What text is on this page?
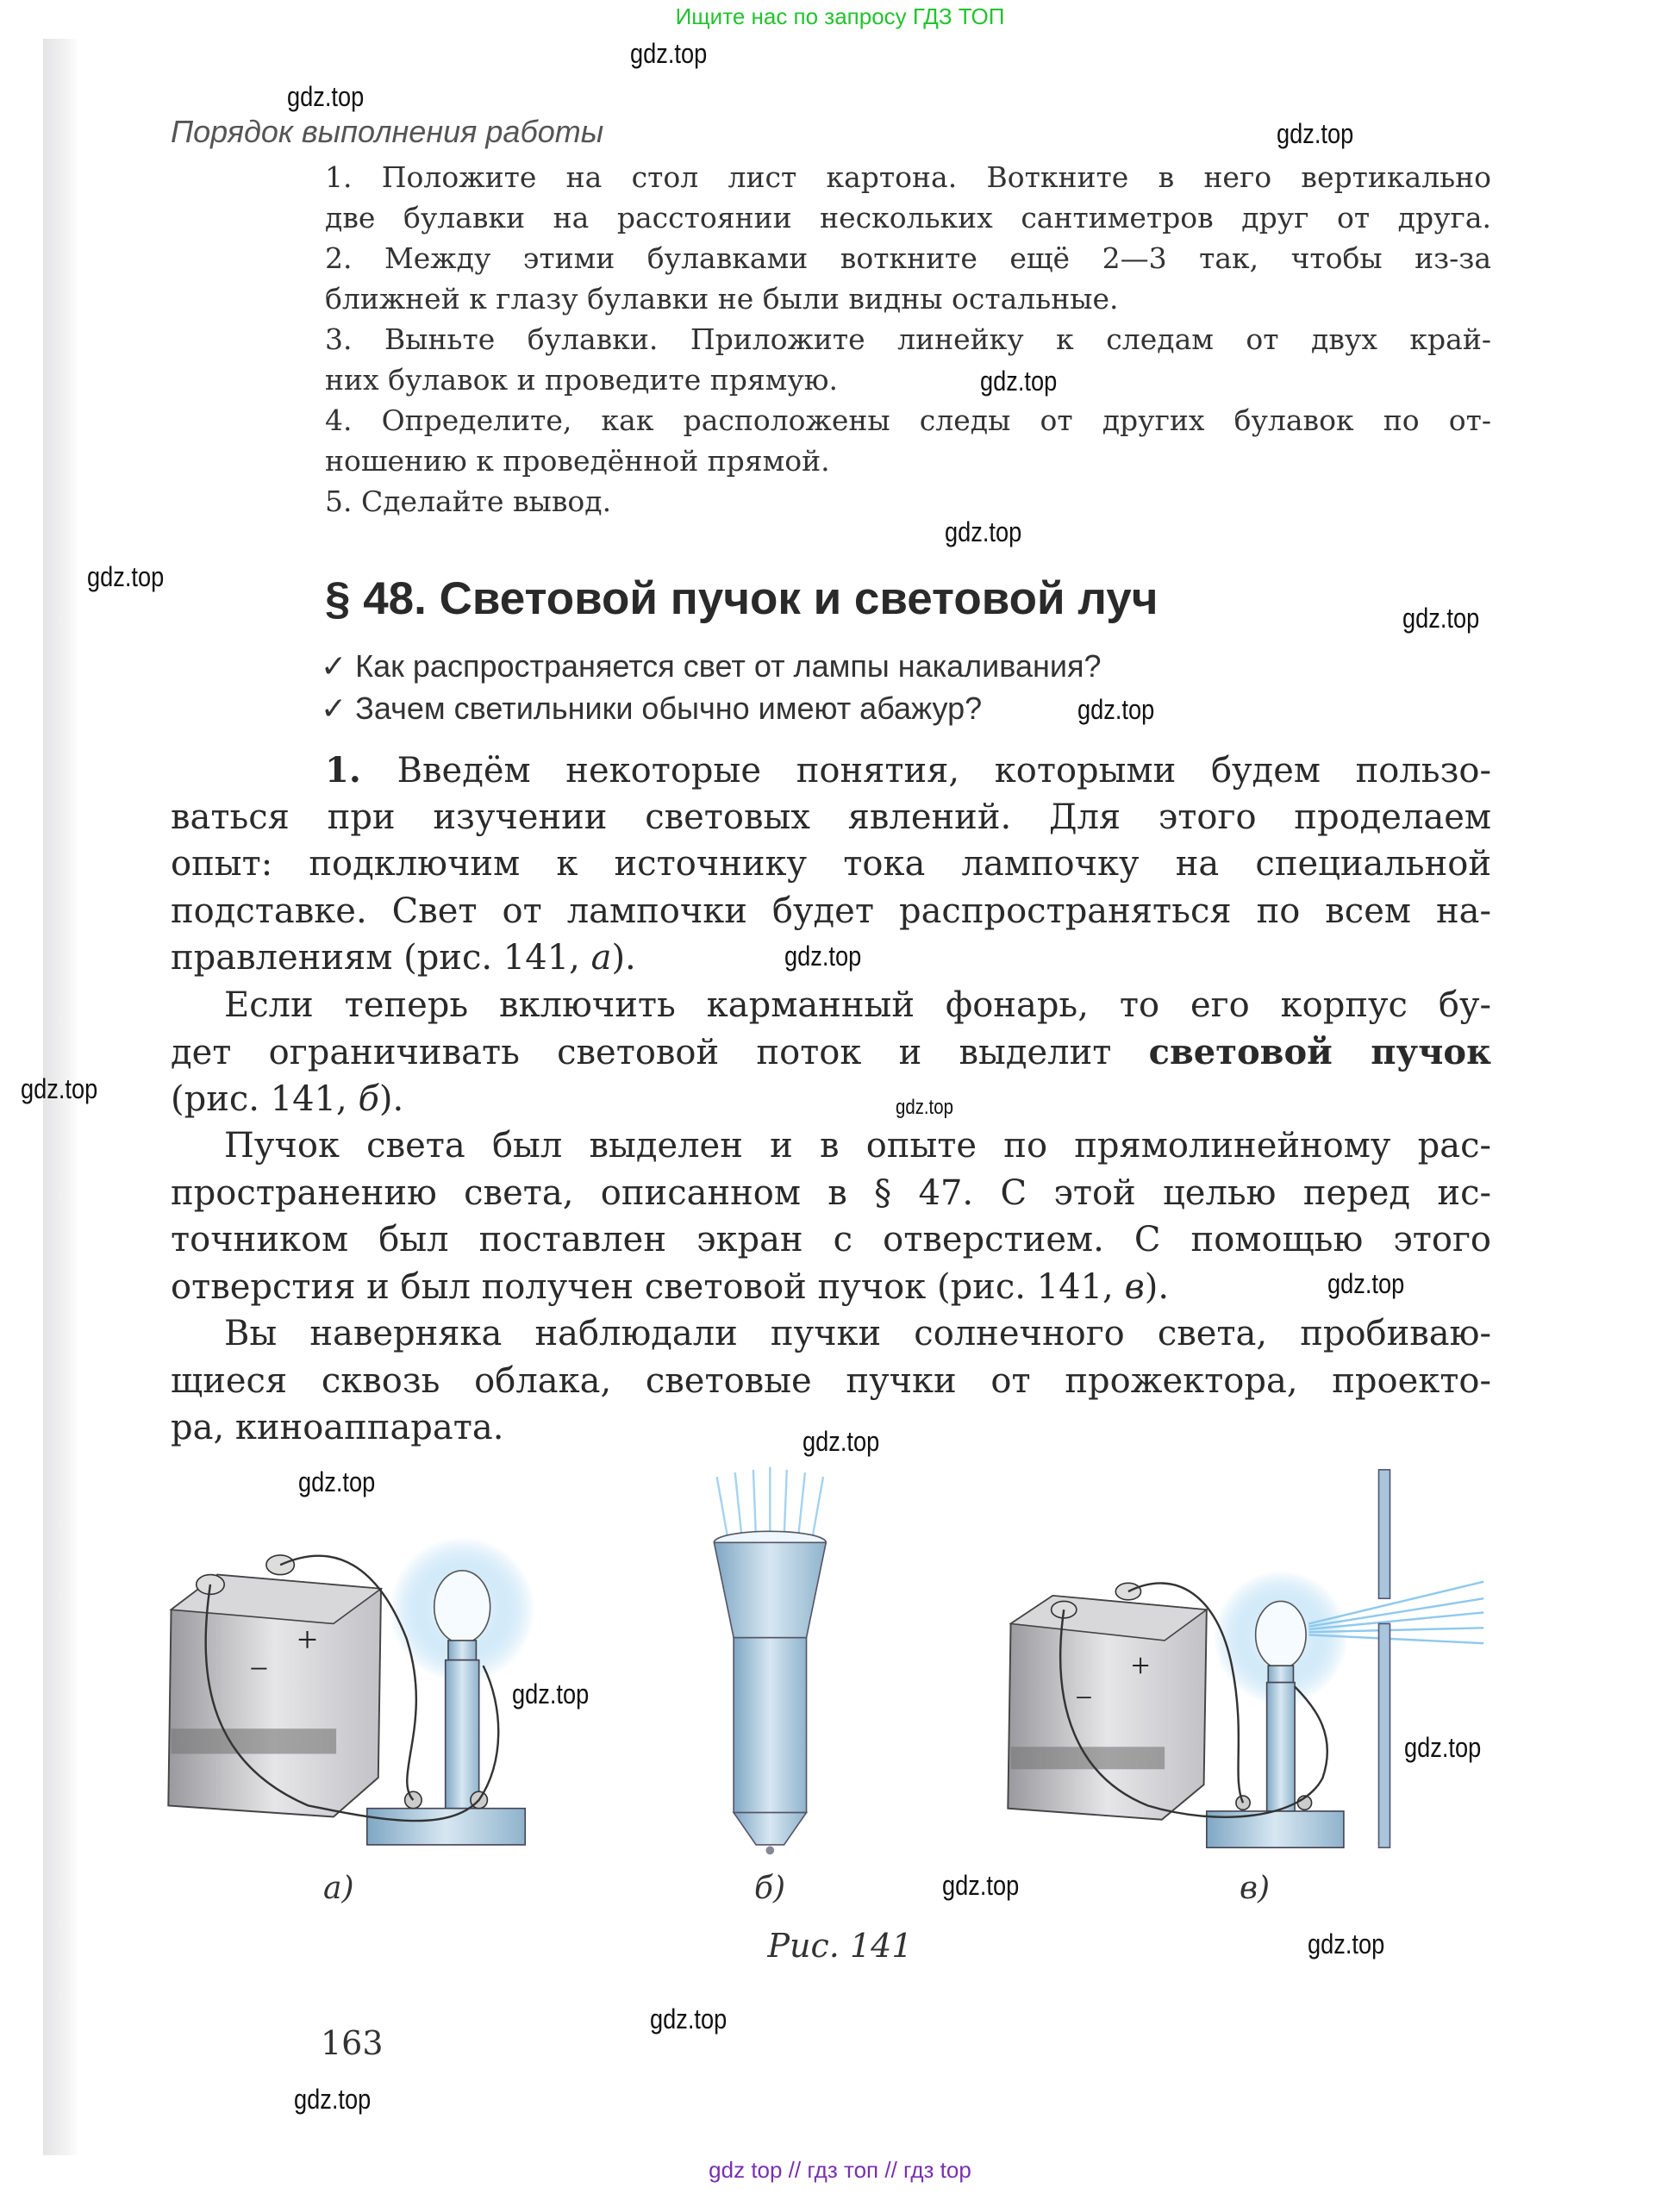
Ищите нас по запросу ГДЗ ТОП
Порядок выполнения работы
1. Положите на стол лист картона. Воткните в него вертикально
две булавки на расстоянии нескольких сантиметров друг от друга.
2. Между этими булавками воткните ещё 2—3 так, чтобы из-за
ближней к глазу булавки не были видны остальные.
3. Выньте булавки. Приложите линейку к следам от двух край-
них булавок и проведите прямую.
4. Определите, как расположены следы от других булавок по от-
ношению к проведённой прямой.
5. Сделайте вывод.
§ 48. Световой пучок и световой луч
✓ Как распространяется свет от лампы накаливания?
✓ Зачем светильники обычно имеют абажур?
1. Введём некоторые понятия, которыми будем пользо-
ваться при изучении световых явлений. Для этого проделаем
опыт: подключим к источнику тока лампочку на специальной
подставке. Свет от лампочки будет распространяться по всем на-
правлениям (рис. 141, а).
Если теперь включить карманный фонарь, то его корпус бу-
дет ограничивать световой поток и выделит световой пучок
(рис. 141, б).
Пучок света был выделен и в опыте по прямолинейному рас-
пространению света, описанном в § 47. С этой целью перед ис-
точником был поставлен экран с отверстием. С помощью этого
отверстия и был получен световой пучок (рис. 141, в).
Вы наверняка наблюдали пучки солнечного света, пробиваю-
щиеся сквозь облака, световые пучки от прожектора, проекто-
ра, киноаппарата.
−
+
−
+
а)	б)	в)
Рис. 141
163
gdz top // гдз топ // гдз top
gdz.top
gdz.top
gdz.top
gdz.top
gdz.top
gdz.top
gdz.top
gdz.top
gdz.top
gdz.top
gdz.top
gdz.top
gdz.top
gdz.top
gdz.top
gdz.top
gdz.top
gdz.top
gdz.top
gdz.top
